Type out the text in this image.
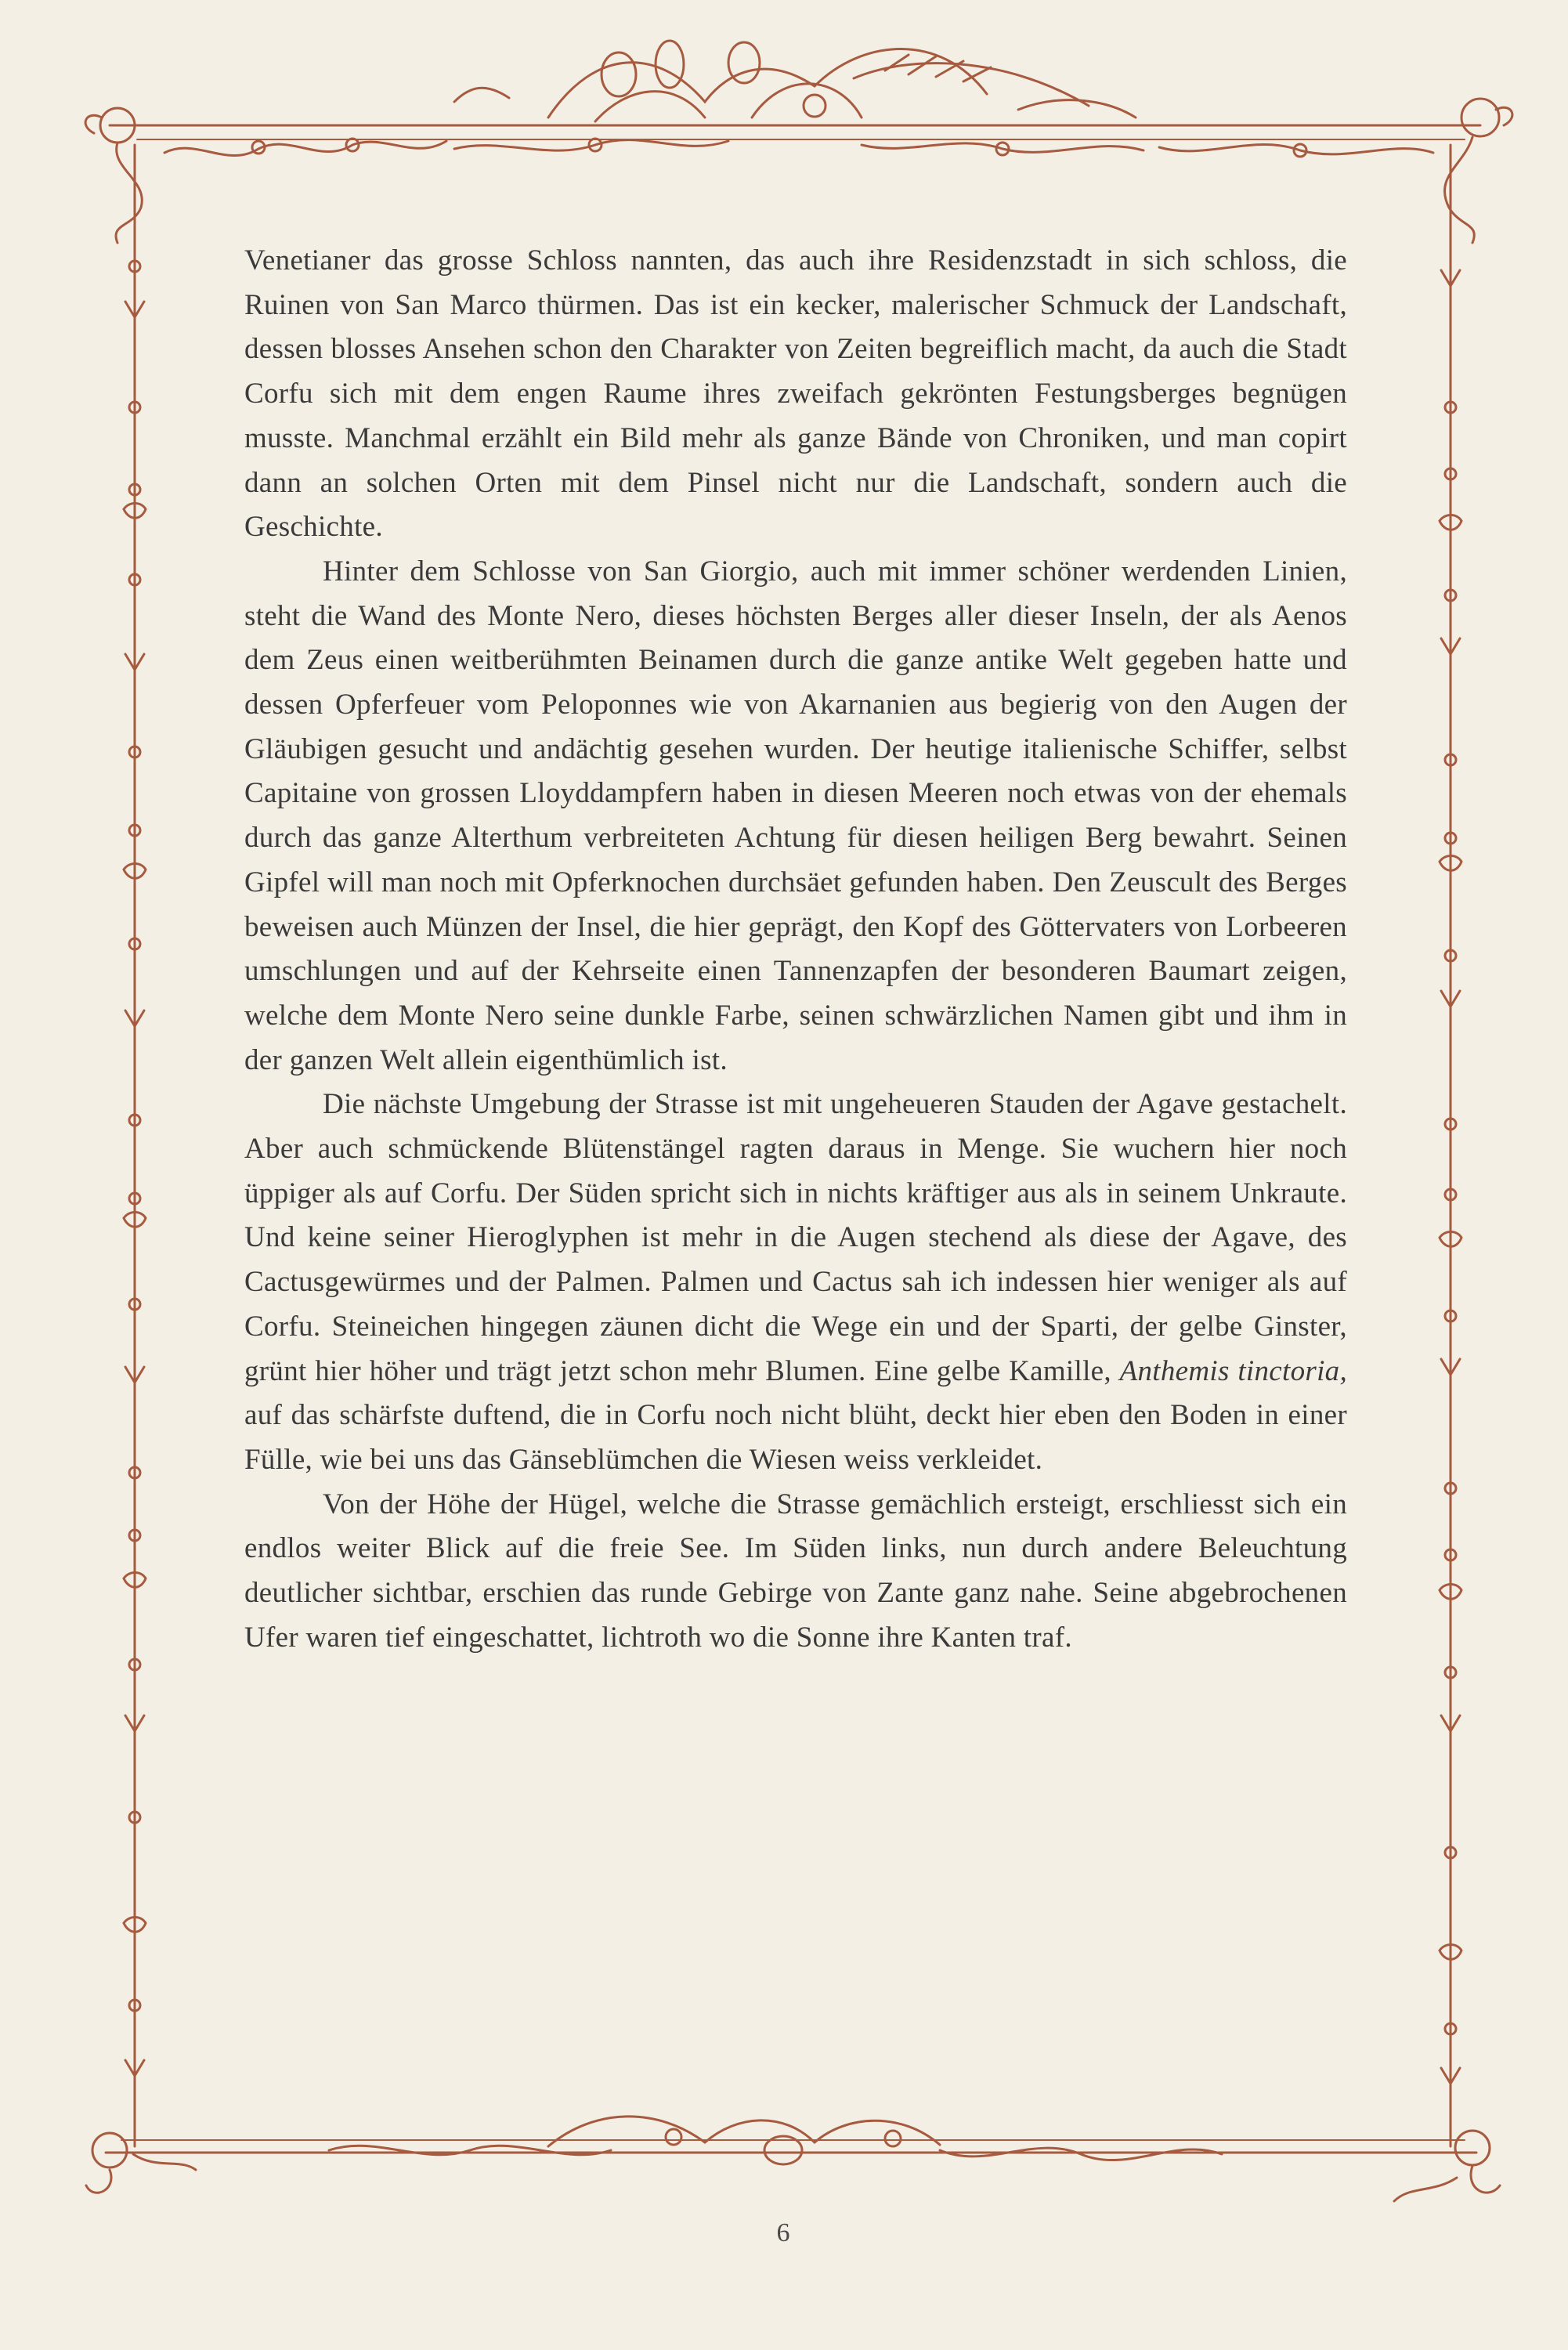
Venetianer das grosse Schloss nannten, das auch ihre Residenzstadt in sich schloss, die Ruinen von San Marco thürmen. Das ist ein kecker, malerischer Schmuck der Landschaft, dessen blosses Ansehen schon den Charakter von Zeiten begreiflich macht, da auch die Stadt Corfu sich mit dem engen Raume ihres zweifach gekrönten Festungsberges begnügen musste. Manchmal erzählt ein Bild mehr als ganze Bände von Chroniken, und man copirt dann an solchen Orten mit dem Pinsel nicht nur die Landschaft, sondern auch die Geschichte.

Hinter dem Schlosse von San Giorgio, auch mit immer schöner werdenden Linien, steht die Wand des Monte Nero, dieses höchsten Berges aller dieser Inseln, der als Aenos dem Zeus einen weitberühmten Beinamen durch die ganze antike Welt gegeben hatte und dessen Opferfeuer vom Peloponnes wie von Akarnanien aus begierig von den Augen der Gläubigen gesucht und andächtig gesehen wurden. Der heutige italienische Schiffer, selbst Capitaine von grossen Lloyddampfern haben in diesen Meeren noch etwas von der ehemals durch das ganze Alterthum verbreiteten Achtung für diesen heiligen Berg bewahrt. Seinen Gipfel will man noch mit Opferknochen durchsäet gefunden haben. Den Zeuscult des Berges beweisen auch Münzen der Insel, die hier geprägt, den Kopf des Göttervaters von Lorbeeren umschlungen und auf der Kehrseite einen Tannenzapfen der besonderen Baumart zeigen, welche dem Monte Nero seine dunkle Farbe, seinen schwärzlichen Namen gibt und ihm in der ganzen Welt allein eigenthümlich ist.

Die nächste Umgebung der Strasse ist mit ungeheueren Stauden der Agave gestachelt. Aber auch schmückende Blütenstängel ragten daraus in Menge. Sie wuchern hier noch üppiger als auf Corfu. Der Süden spricht sich in nichts kräftiger aus als in seinem Unkraute. Und keine seiner Hieroglyphen ist mehr in die Augen stechend als diese der Agave, des Cactusgewürmes und der Palmen. Palmen und Cactus sah ich indessen hier weniger als auf Corfu. Steineichen hingegen zäunen dicht die Wege ein und der Sparti, der gelbe Ginster, grünt hier höher und trägt jetzt schon mehr Blumen. Eine gelbe Kamille, Anthemis tinctoria, auf das schärfste duftend, die in Corfu noch nicht blüht, deckt hier eben den Boden in einer Fülle, wie bei uns das Gänseblümchen die Wiesen weiss verkleidet.

Von der Höhe der Hügel, welche die Strasse gemächlich ersteigt, erschliesst sich ein endlos weiter Blick auf die freie See. Im Süden links, nun durch andere Beleuchtung deutlicher sichtbar, erschien das runde Gebirge von Zante ganz nahe. Seine abgebrochenen Ufer waren tief eingeschattet, lichtroth wo die Sonne ihre Kanten traf.

6
